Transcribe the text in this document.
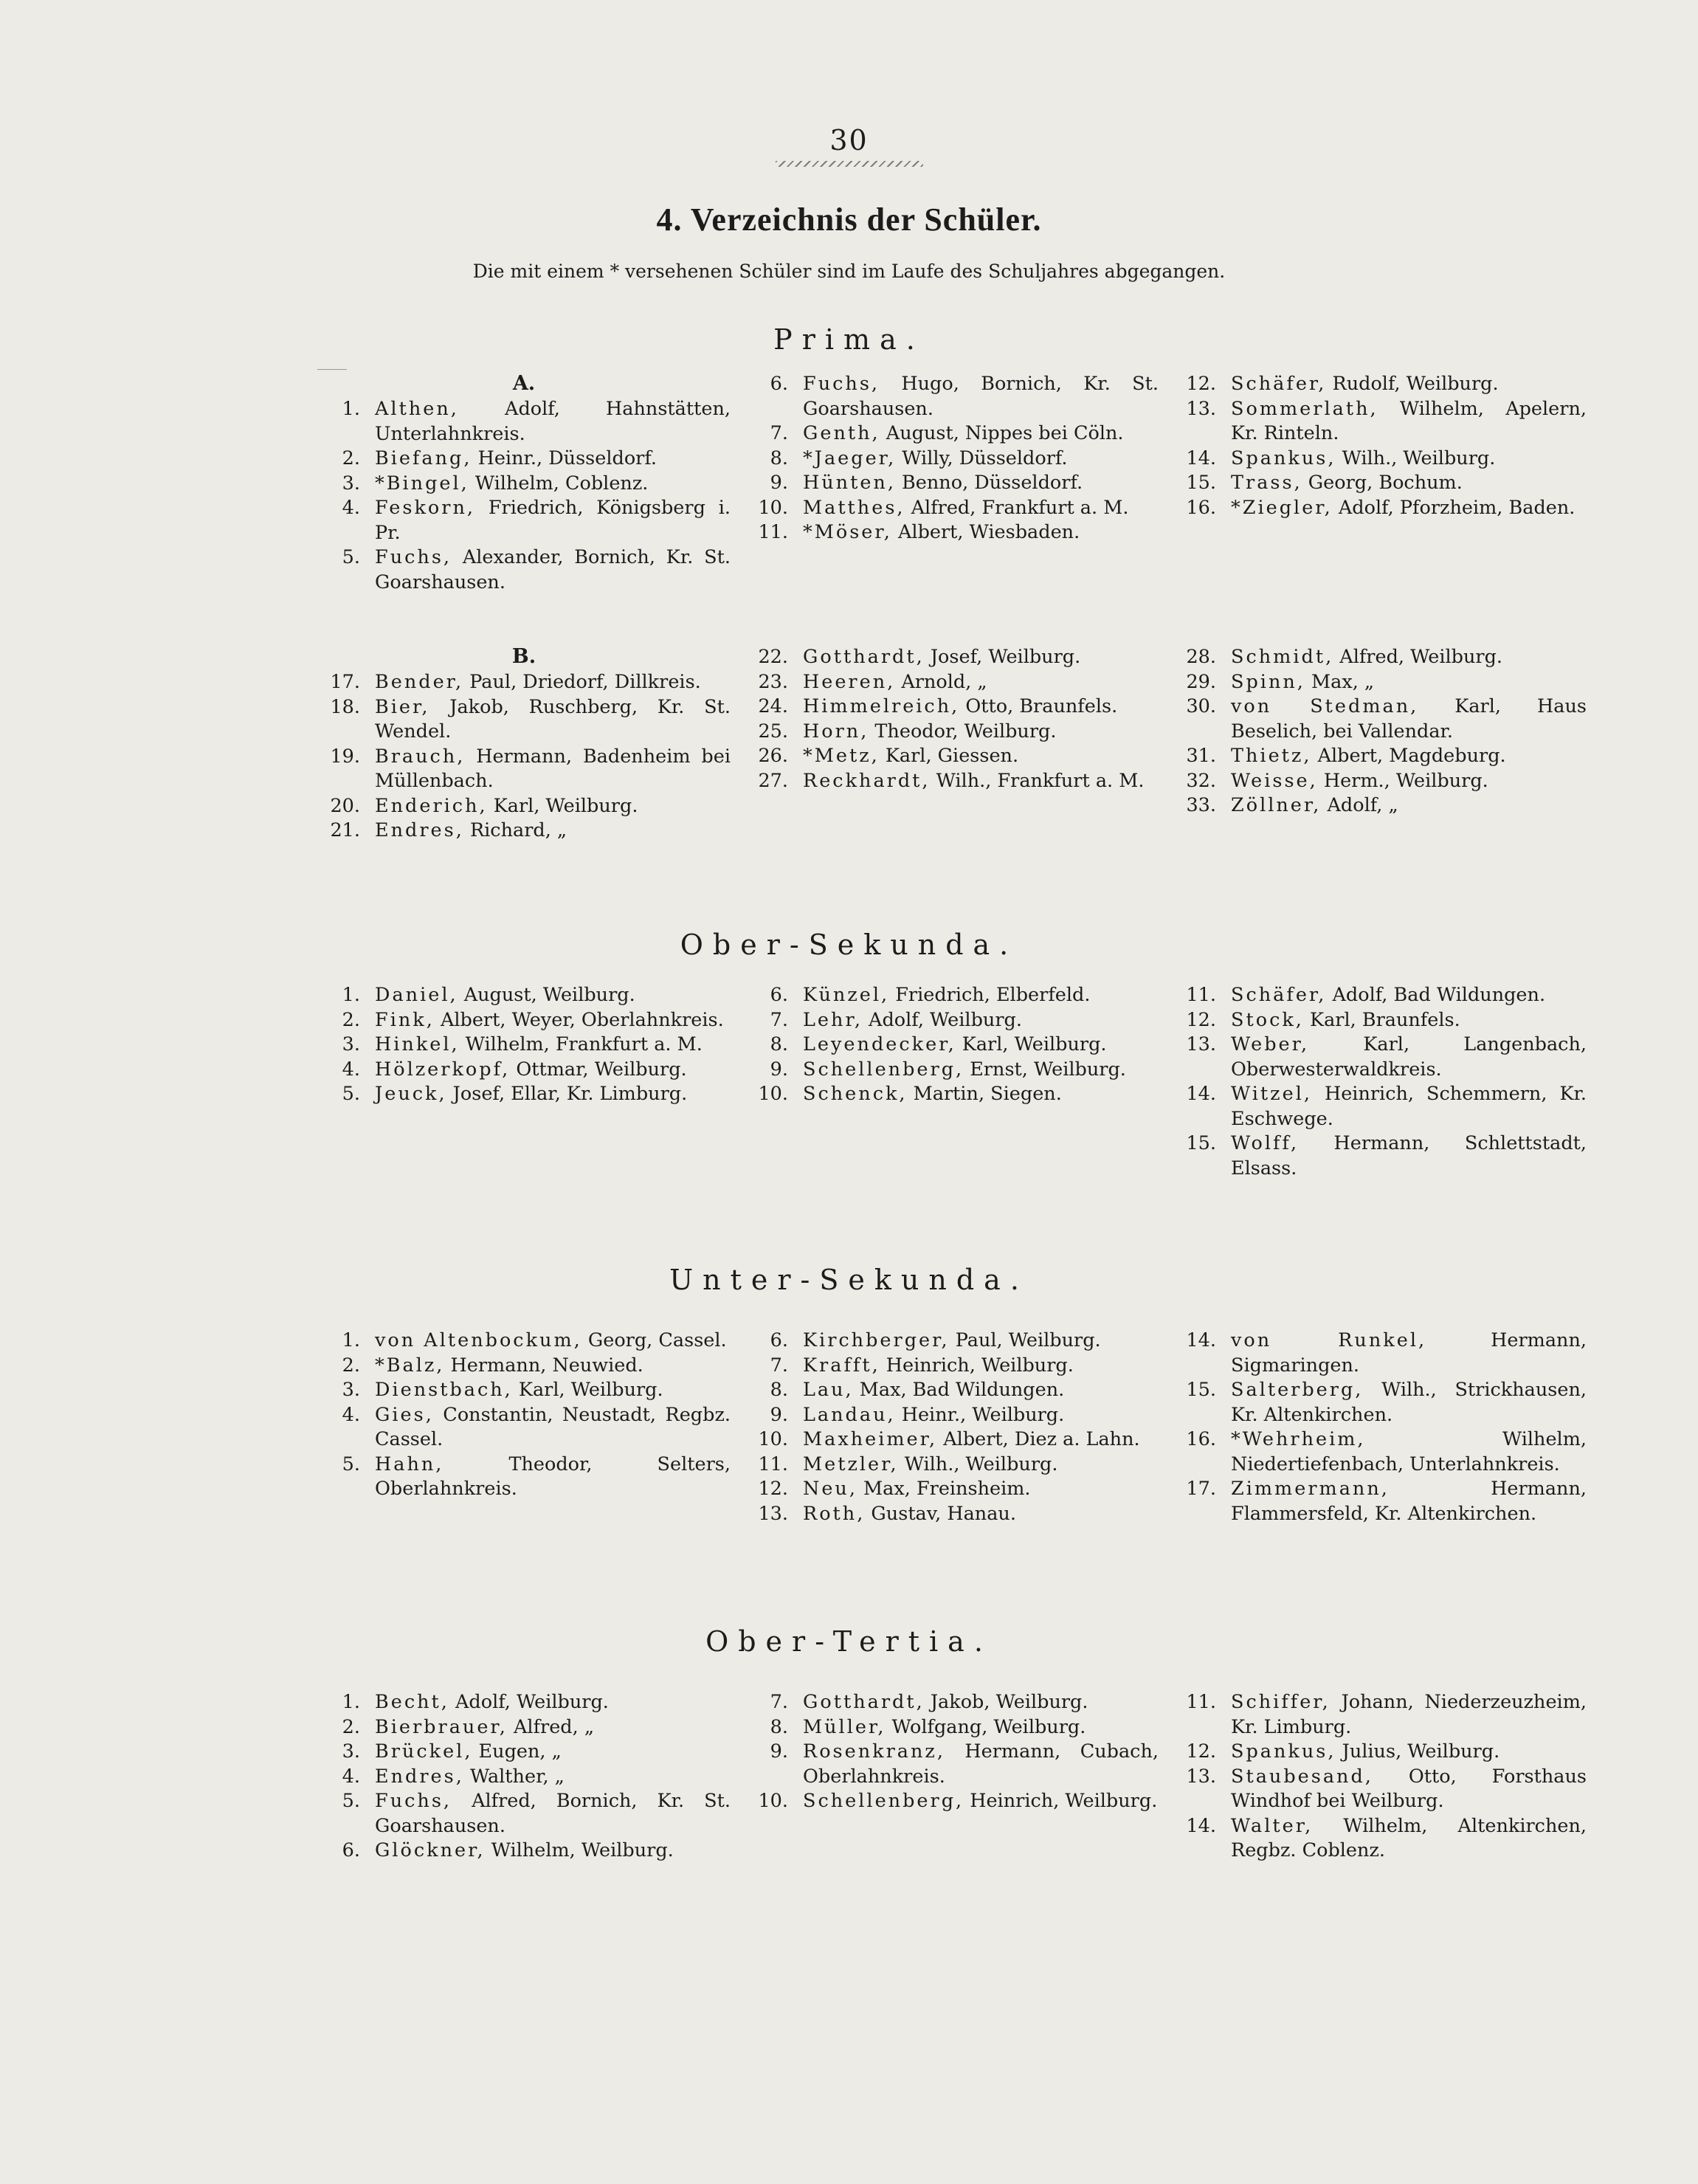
30
4. Verzeichnis der Schüler.
Die mit einem * versehenen Schüler sind im Laufe des Schuljahres abgegangen.
Prima.
A.
1. Althen, Adolf, Hahnstätten, Unterlahnkreis.
2. Biefang, Heinr., Düsseldorf.
3. *Bingel, Wilhelm, Coblenz.
4. Feskorn, Friedrich, Königsberg i. Pr.
5. Fuchs, Alexander, Bornich, Kr. St. Goarshausen.
6. Fuchs, Hugo, Bornich, Kr. St. Goarshausen.
7. Genth, August, Nippes bei Cöln.
8. *Jaeger, Willy, Düsseldorf.
9. Hünten, Benno, Düsseldorf.
10. Matthes, Alfred, Frankfurt a. M.
11. *Möser, Albert, Wiesbaden.
12. Schäfer, Rudolf, Weilburg.
13. Sommerlath, Wilhelm, Apelern, Kr. Rinteln.
14. Spankus, Wilh., Weilburg.
15. Trass, Georg, Bochum.
16. *Ziegler, Adolf, Pforzheim, Baden.
B.
17. Bender, Paul, Driedorf, Dillkreis.
18. Bier, Jakob, Ruschberg, Kr. St. Wendel.
19. Brauch, Hermann, Badenheim bei Müllenbach.
20. Enderich, Karl, Weilburg.
21. Endres, Richard, „
22. Gotthardt, Josef, Weilburg.
23. Heeren, Arnold, „
24. Himmelreich, Otto, Braunfels.
25. Horn, Theodor, Weilburg.
26. *Metz, Karl, Giessen.
27. Reckhardt, Wilh., Frankfurt a. M.
28. Schmidt, Alfred, Weilburg.
29. Spinn, Max, „
30. von Stedman, Karl, Haus Beselich, bei Vallendar.
31. Thietz, Albert, Magdeburg.
32. Weisse, Herm., Weilburg.
33. Zöllner, Adolf, „
Ober-Sekunda.
1. Daniel, August, Weilburg.
2. Fink, Albert, Weyer, Oberlahnkreis.
3. Hinkel, Wilhelm, Frankfurt a. M.
4. Hölzerkopf, Ottmar, Weilburg.
5. Jeuck, Josef, Ellar, Kr. Limburg.
6. Künzel, Friedrich, Elberfeld.
7. Lehr, Adolf, Weilburg.
8. Leyendecker, Karl, Weilburg.
9. Schellenberg, Ernst, Weilburg.
10. Schenck, Martin, Siegen.
11. Schäfer, Adolf, Bad Wildungen.
12. Stock, Karl, Braunfels.
13. Weber, Karl, Langenbach, Oberwesterwaldkreis.
14. Witzel, Heinrich, Schemmern, Kr. Eschwege.
15. Wolff, Hermann, Schlettstadt, Elsass.
Unter-Sekunda.
1. von Altenbockum, Georg, Cassel.
2. *Balz, Hermann, Neuwied.
3. Dienstbach, Karl, Weilburg.
4. Gies, Constantin, Neustadt, Regbz. Cassel.
5. Hahn, Theodor, Selters, Oberlahnkreis.
6. Kirchberger, Paul, Weilburg.
7. Krafft, Heinrich, Weilburg.
8. Lau, Max, Bad Wildungen.
9. Landau, Heinr., Weilburg.
10. Maxheimer, Albert, Diez a. Lahn.
11. Metzler, Wilh., Weilburg.
12. Neu, Max, Freinsheim.
13. Roth, Gustav, Hanau.
14. von Runkel, Hermann, Sigmaringen.
15. Salterberg, Wilh., Strickhausen, Kr. Altenkirchen.
16. *Wehrheim, Wilhelm, Niedertiefenbach, Unterlahnkreis.
17. Zimmermann, Hermann, Flammersfeld, Kr. Altenkirchen.
Ober-Tertia.
1. Becht, Adolf, Weilburg.
2. Bierbrauer, Alfred, „
3. Brückel, Eugen, „
4. Endres, Walther, „
5. Fuchs, Alfred, Bornich, Kr. St. Goarshausen.
6. Glöckner, Wilhelm, Weilburg.
7. Gotthardt, Jakob, Weilburg.
8. Müller, Wolfgang, Weilburg.
9. Rosenkranz, Hermann, Cubach, Oberlahnkreis.
10. Schellenberg, Heinrich, Weilburg.
11. Schiffer, Johann, Niederzeuzheim, Kr. Limburg.
12. Spankus, Julius, Weilburg.
13. Staubesand, Otto, Forsthaus Windhof bei Weilburg.
14. Walter, Wilhelm, Altenkirchen, Regbz. Coblenz.
